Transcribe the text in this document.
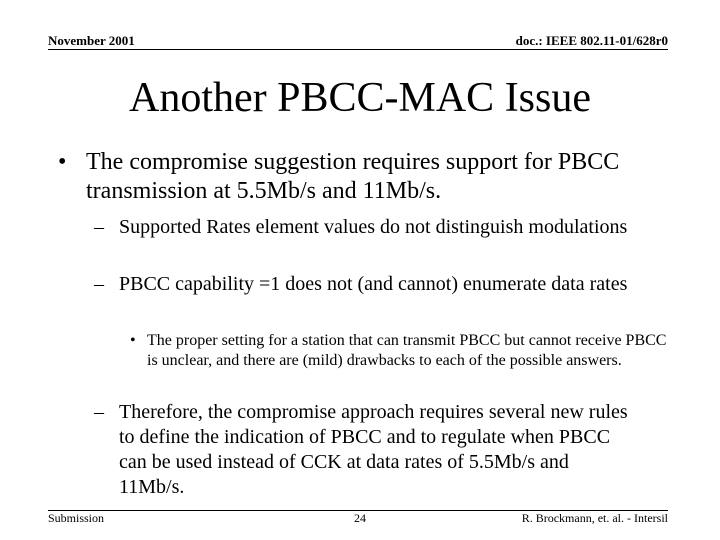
November 2001	doc.: IEEE 802.11-01/628r0
Another PBCC-MAC Issue
• The compromise suggestion requires support for PBCC transmission at 5.5Mb/s and 11Mb/s.
– Supported Rates element values do not distinguish modulations
– PBCC capability =1 does not (and cannot) enumerate data rates
• The proper setting for a station that can transmit PBCC but cannot receive PBCC is unclear, and there are (mild) drawbacks to each of the possible answers.
– Therefore, the compromise approach requires several new rules to define the indication of PBCC and to regulate when PBCC can be used instead of CCK at data rates of 5.5Mb/s and 11Mb/s.
Submission	24	R. Brockmann, et. al. - Intersil
